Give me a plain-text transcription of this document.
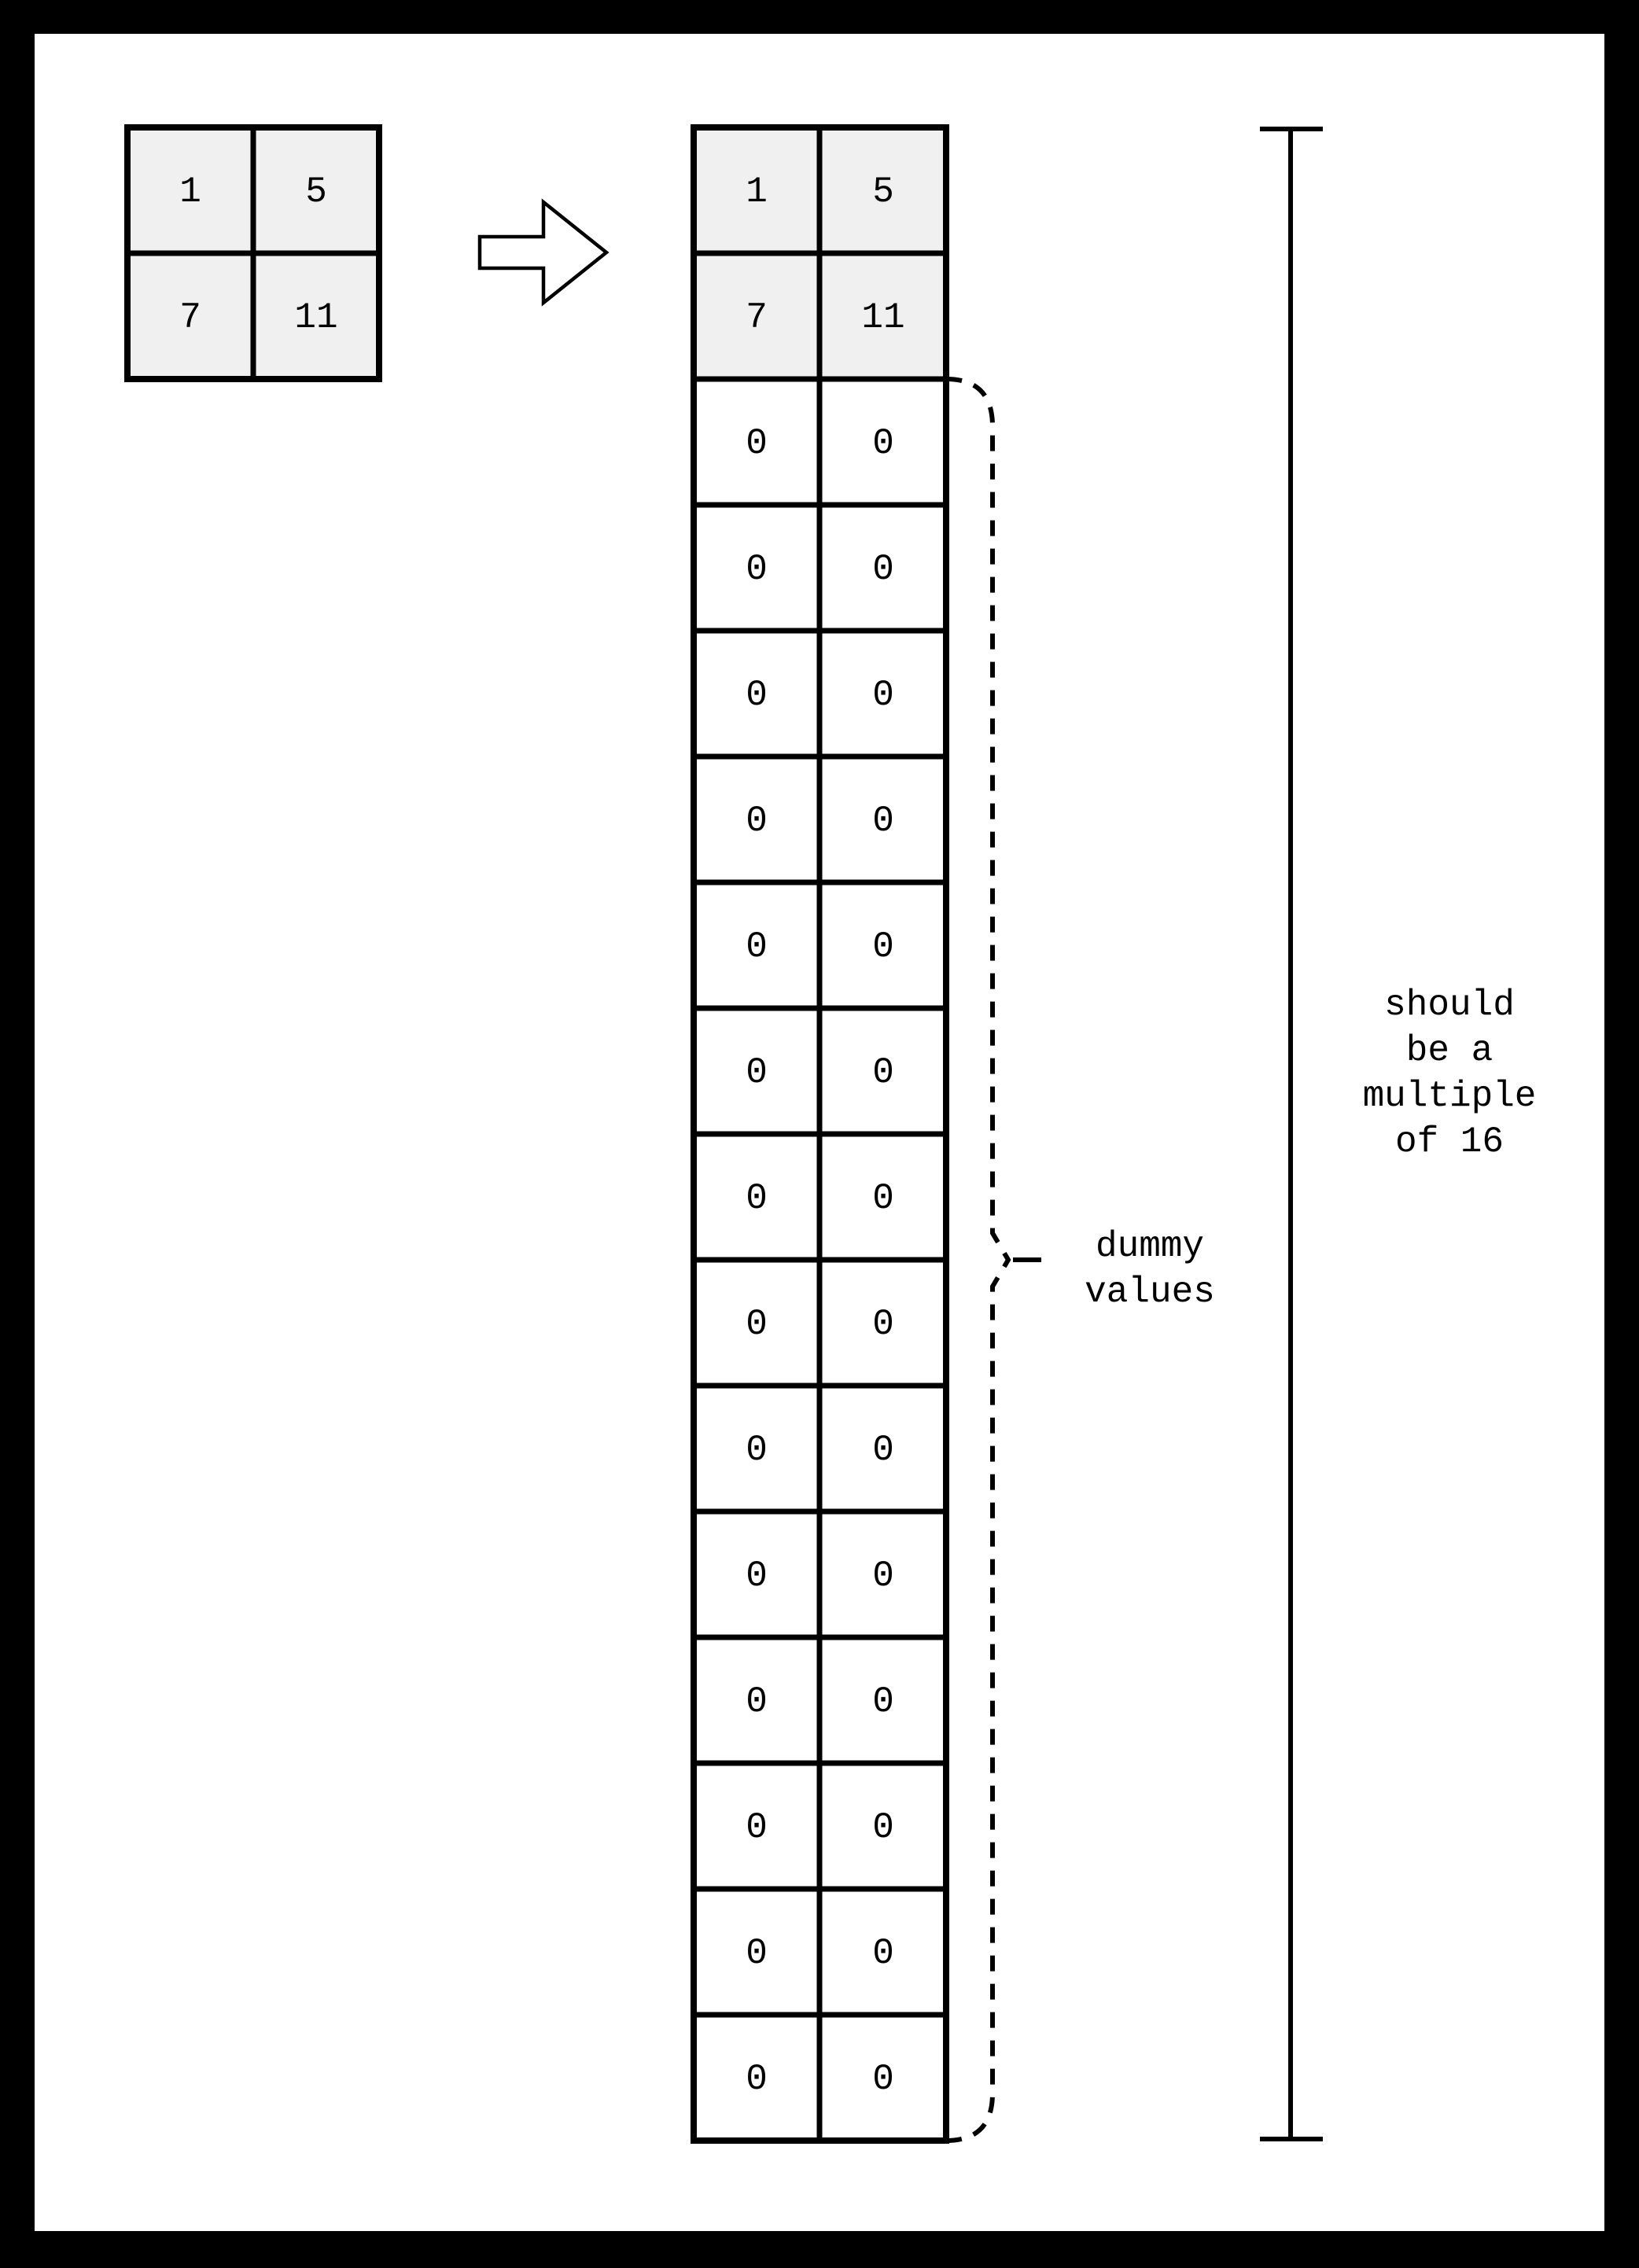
1	5
7	11
1	5
7	11
0	0
0	0
0	0
0	0
0	0
0	0
0	0
0	0
0	0
0	0
0	0
0	0
0	0
0	0
dummy
values
should
be a
multiple
of 16
